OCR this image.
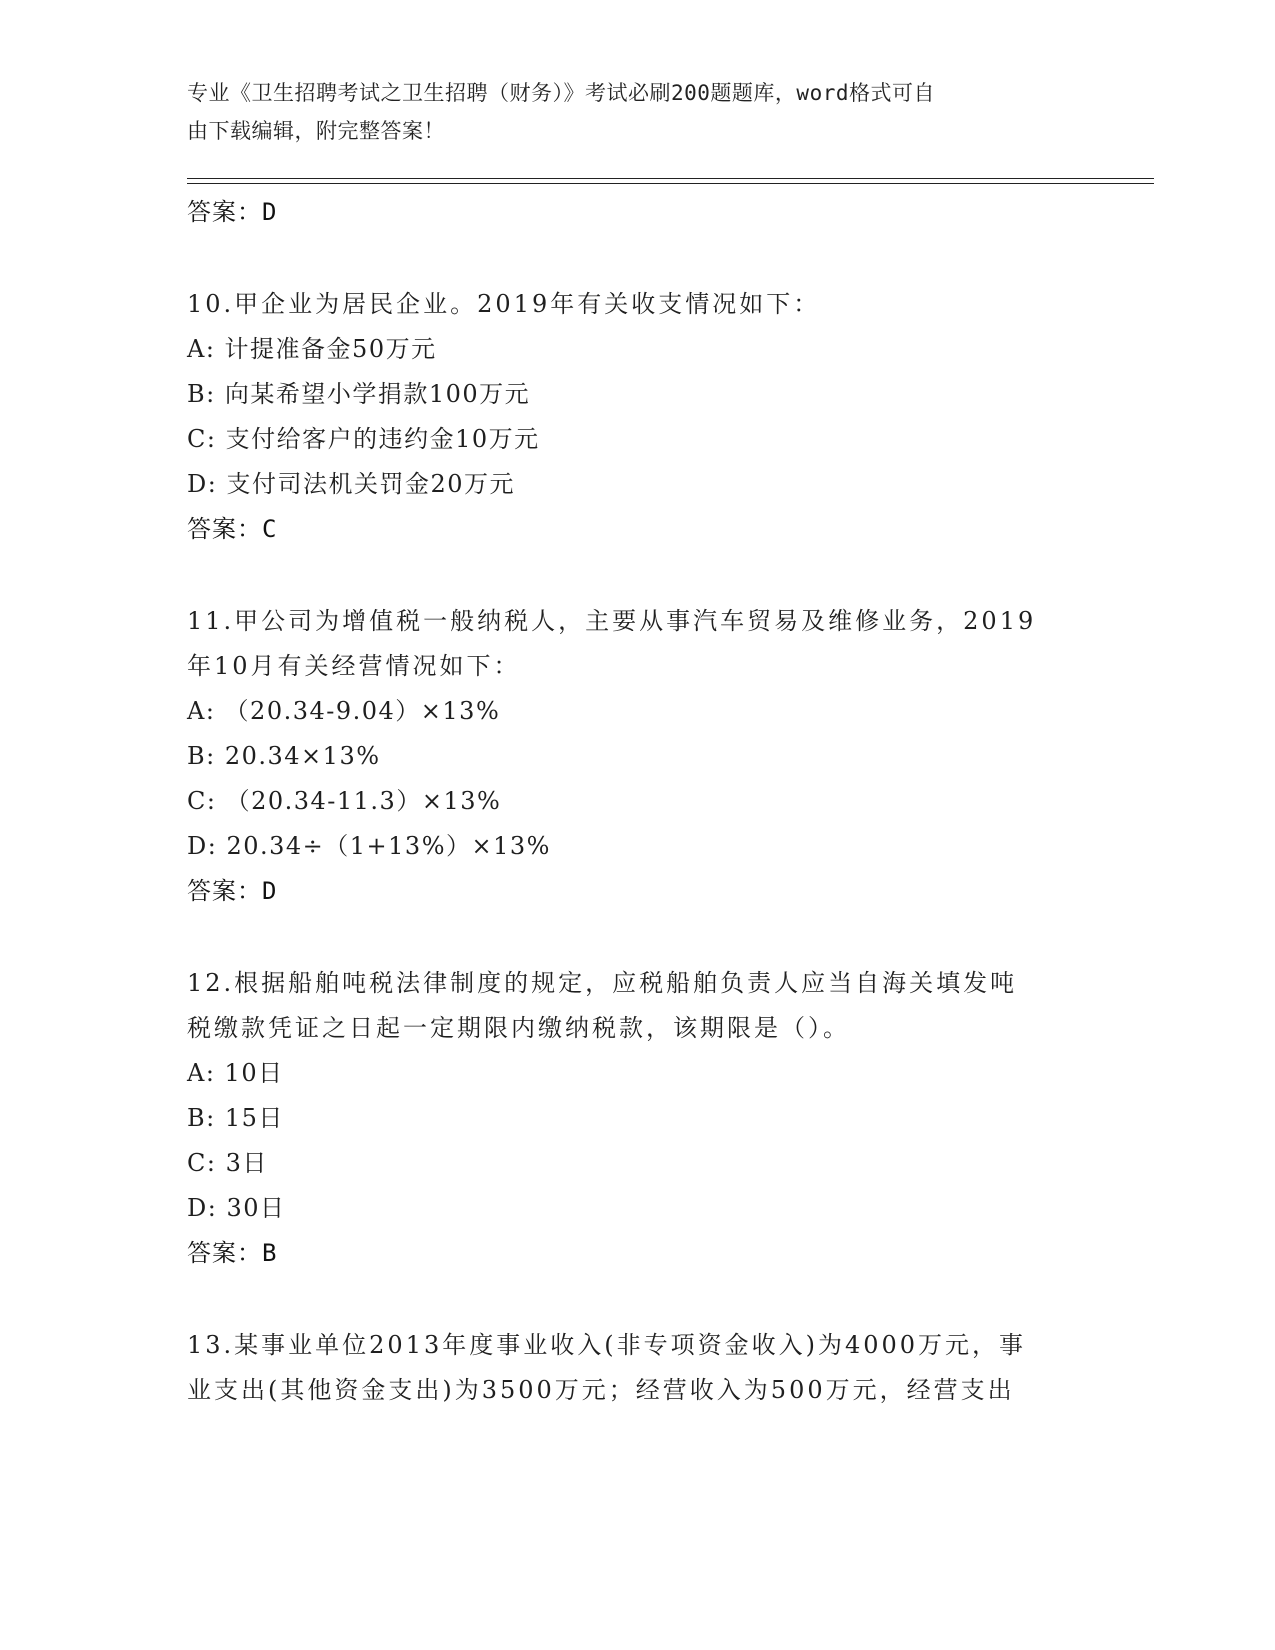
专业《卫生招聘考试之卫生招聘（财务）》考试必刷200题题库，word格式可自
由下载编辑，附完整答案！
答案：D
10.甲企业为居民企业。2019年有关收支情况如下：
A: 计提准备金50万元
B: 向某希望小学捐款100万元
C: 支付给客户的违约金10万元
D: 支付司法机关罚金20万元
答案：C
11.甲公司为增值税一般纳税人，主要从事汽车贸易及维修业务，2019
年10月有关经营情况如下：
A: （20.34-9.04）×13%
B: 20.34×13%
C: （20.34-11.3）×13%
D: 20.34÷（1+13%）×13%
答案：D
12.根据船舶吨税法律制度的规定，应税船舶负责人应当自海关填发吨
税缴款凭证之日起一定期限内缴纳税款，该期限是（）。
A: 10日
B: 15日
C: 3日
D: 30日
答案：B
13.某事业单位2013年度事业收入(非专项资金收入)为4000万元，事
业支出(其他资金支出)为3500万元；经营收入为500万元，经营支出
